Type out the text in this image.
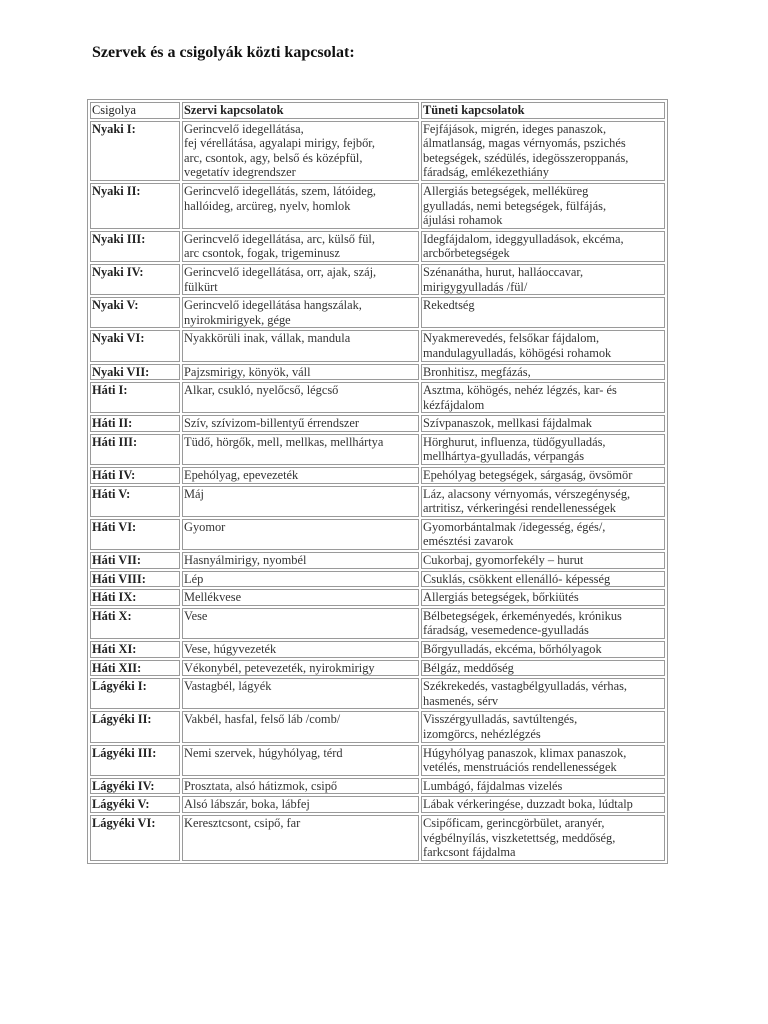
Szervek és a csigolyák közti kapcsolat:
Csigolya	Szervi kapcsolatok	Tüneti kapcsolatok
Nyaki I:	Gerincvelő idegellátása,
fej vérellátása, agyalapi mirigy, fejbőr,
arc, csontok, agy, belső és középfül,
vegetatív idegrendszer	Fejfájások, migrén, ideges panaszok,
álmatlanság, magas vérnyomás, pszichés
betegségek, szédülés, idegösszeroppanás,
fáradság, emlékezethiány

Nyaki II:	Gerincvelő idegellátás, szem, látóideg,
hallóideg, arcüreg, nyelv, homlok	Allergiás betegségek, melléküreg
gyulladás, nemi betegségek, fülfájás,
ájulási rohamok

Nyaki III:	Gerincvelő idegellátása, arc, külső fül,
arc csontok, fogak, trigeminusz	Idegfájdalom, ideggyulladások, ekcéma,
arcbőrbetegségek

Nyaki IV:	Gerincvelő idegellátása, orr, ajak, száj,
fülkürt	Szénanátha, hurut, halláoccavar,
mirigygyulladás /fül/

Nyaki V:	Gerincvelő idegellátása hangszálak,
nyirokmirigyek, gége	Rekedtség

Nyaki VI:	Nyakkörüli inak, vállak, mandula	Nyakmerevedés, felsőkar fájdalom,
mandulagyulladás, köhögési rohamok

Nyaki VII:	Pajzsmirigy, könyök, váll	Bronhitisz, megfázás,

Háti I:	Alkar, csukló, nyelőcső, légcső	Asztma, köhögés, nehéz légzés, kar- és
kézfájdalom

Háti II:	Szív, szívizom-billentyű érrendszer	Szívpanaszok, mellkasi fájdalmak

Háti III:	Tüdő, hörgők, mell, mellkas, mellhártya	Hörghurut, influenza, tüdőgyulladás,
mellhártya-gyulladás, vérpangás

Háti IV:	Epehólyag, epevezeték	Epehólyag betegségek, sárgaság, övsömör

Háti V:	Máj	Láz, alacsony vérnyomás, vérszegénység,
artritisz, vérkeringési rendellenességek

Háti VI:	Gyomor	Gyomorbántalmak /idegesség, égés/,
emésztési zavarok

Háti VII:	Hasnyálmirigy, nyombél	Cukorbaj, gyomorfekély – hurut

Háti VIII:	Lép	Csuklás, csökkent ellenálló- képesség

Háti IX:	Mellékvese	Allergiás betegségek, bőrkiütés

Háti X:	Vese	Bélbetegségek, érkeményedés, krónikus
fáradság, vesemedence-gyulladás

Háti XI:	Vese, húgyvezeték	Bőrgyulladás, ekcéma, bőrhólyagok

Háti XII:	Vékonybél, petevezeték, nyirokmirigy	Bélgáz, meddőség

Lágyéki I:	Vastagbél, lágyék	Székrekedés, vastagbélgyulladás, vérhas,
hasmenés, sérv

Lágyéki II:	Vakbél, hasfal, felső láb /comb/	Visszérgyulladás, savtúltengés,
izomgörcs, nehézlégzés

Lágyéki III:	Nemi szervek, húgyhólyag, térd	Húgyhólyag panaszok, klimax panaszok,
vetélés, menstruációs rendellenességek

Lágyéki IV:	Prosztata, alsó hátizmok, csipő	Lumbágó, fájdalmas vizelés

Lágyéki V:	Alsó lábszár, boka, lábfej	Lábak vérkeringése, duzzadt boka, lúdtalp

Lágyéki VI:	Keresztcsont, csipő, far	Csipőficam, gerincgörbület, aranyér,
végbélnyílás, viszketettség, meddőség,
farkcsont fájdalma
